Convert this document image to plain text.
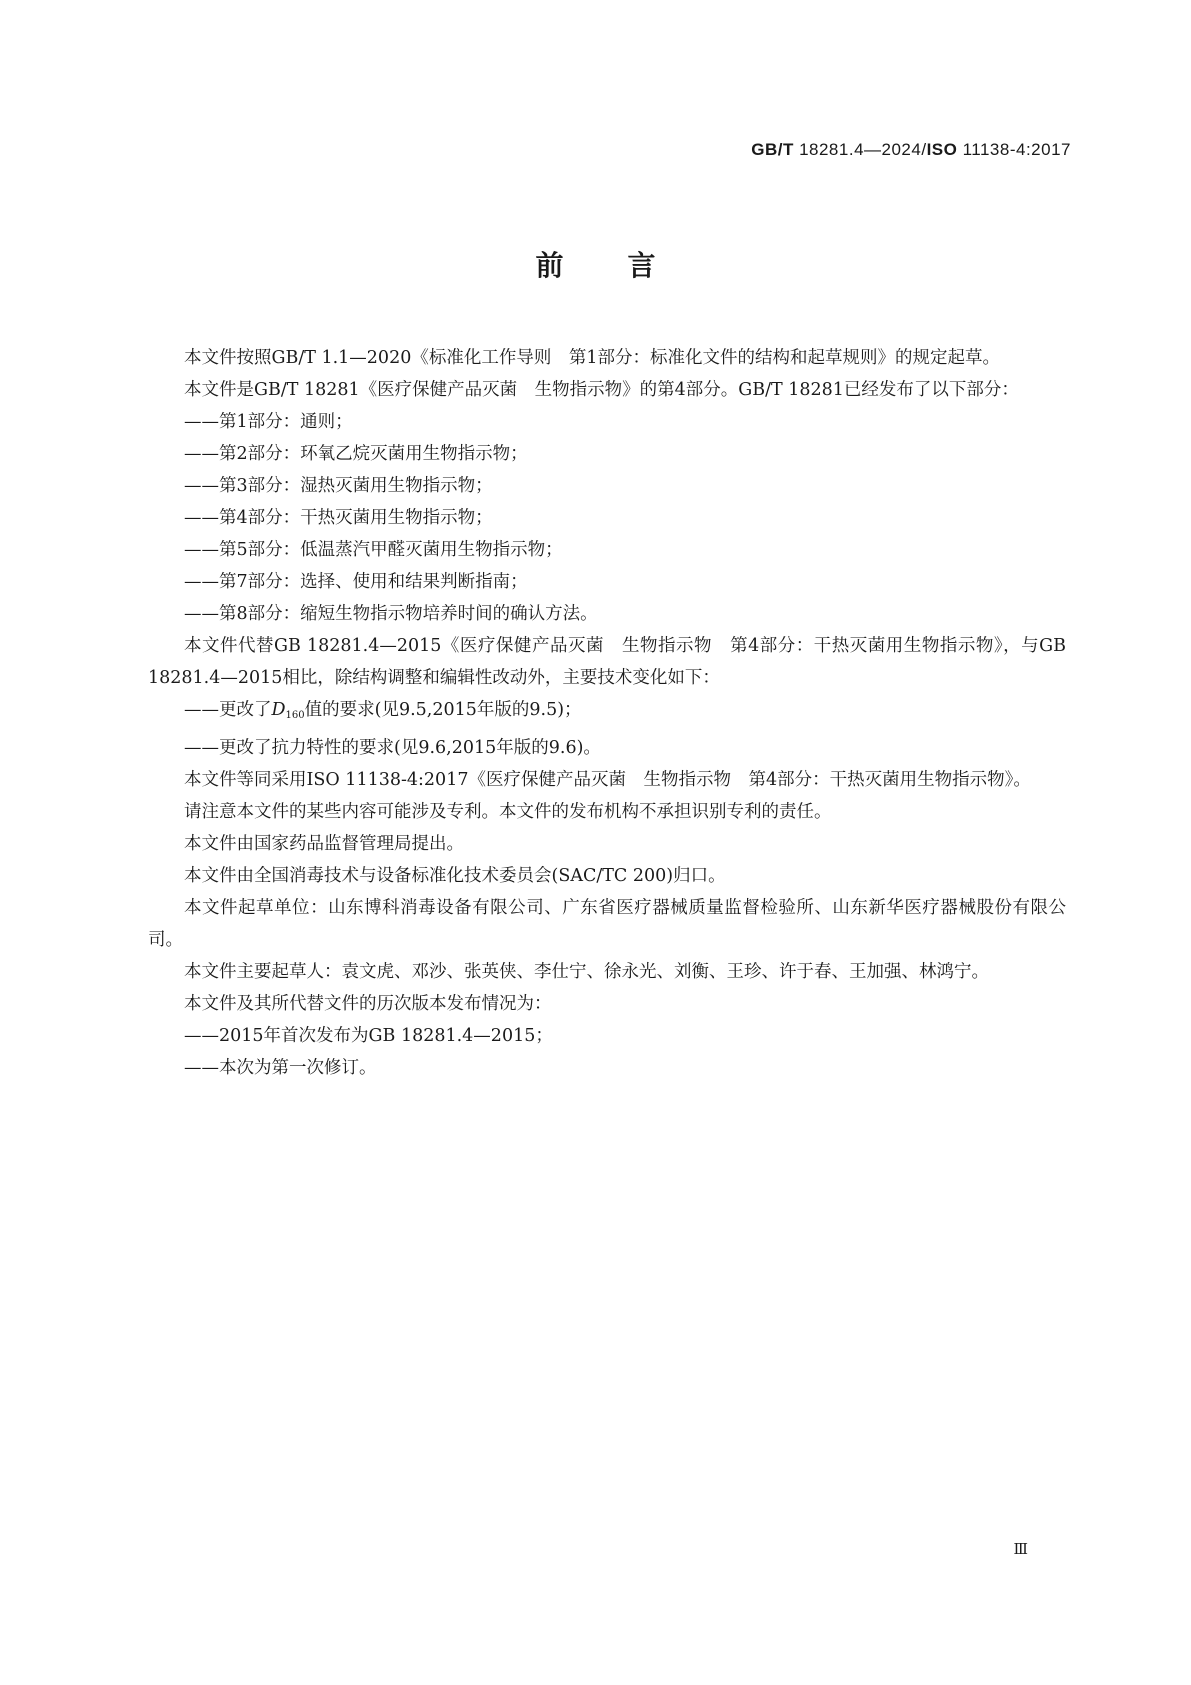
GB/T 18281.4—2024/ISO 11138-4:2017
前言

本文件按照GB/T 1.1—2020《标准化工作导则　第1部分：标准化文件的结构和起草规则》的规定起草。

本文件是GB/T 18281《医疗保健产品灭菌　生物指示物》的第4部分。GB/T 18281已经发布了以下部分：

——第1部分：通则；

——第2部分：环氧乙烷灭菌用生物指示物；

——第3部分：湿热灭菌用生物指示物；

——第4部分：干热灭菌用生物指示物；

——第5部分：低温蒸汽甲醛灭菌用生物指示物；

——第7部分：选择、使用和结果判断指南；

——第8部分：缩短生物指示物培养时间的确认方法。

本文件代替GB 18281.4—2015《医疗保健产品灭菌　生物指示物　第4部分：干热灭菌用生物指示物》，与GB 18281.4—2015相比，除结构调整和编辑性改动外，主要技术变化如下：

——更改了$D_{160}$值的要求(见9.5,2015年版的9.5)；

——更改了抗力特性的要求(见9.6,2015年版的9.6)。

本文件等同采用ISO 11138-4:2017《医疗保健产品灭菌　生物指示物　第4部分：干热灭菌用生物指示物》。

请注意本文件的某些内容可能涉及专利。本文件的发布机构不承担识别专利的责任。

本文件由国家药品监督管理局提出。

本文件由全国消毒技术与设备标准化技术委员会(SAC/TC 200)归口。

本文件起草单位：山东博科消毒设备有限公司、广东省医疗器械质量监督检验所、山东新华医疗器械股份有限公司。

本文件主要起草人：袁文虎、邓沙、张英侠、李仕宁、徐永光、刘衡、王珍、许于春、王加强、林鸿宁。

本文件及其所代替文件的历次版本发布情况为：

——2015年首次发布为GB 18281.4—2015；

——本次为第一次修订。

Ⅲ
